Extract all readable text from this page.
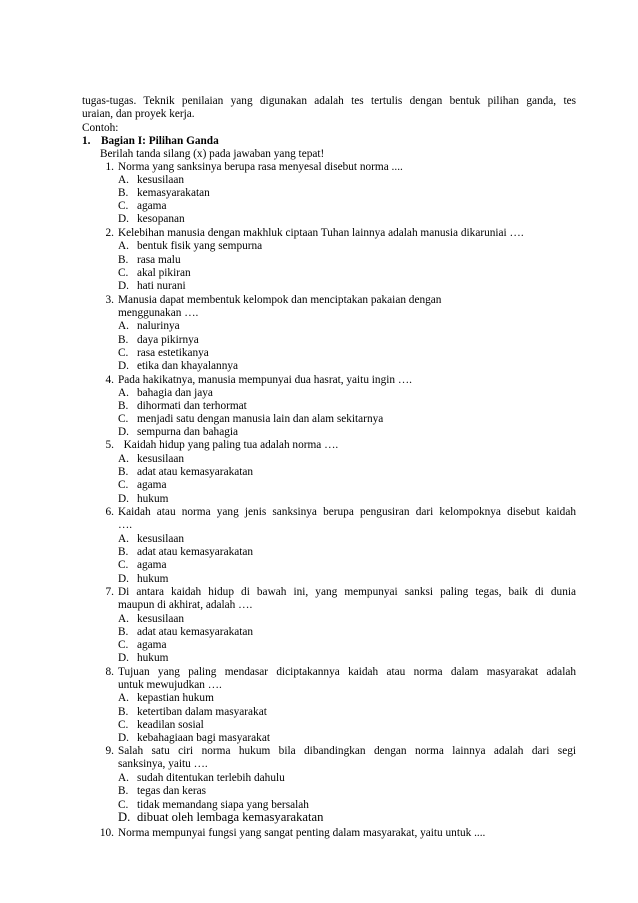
tugas-tugas. Teknik penilaian yang digunakan adalah tes tertulis dengan bentuk pilihan ganda, tes

uraian, dan proyek kerja.

Contoh:
1. Bagian I: Pilihan Ganda
Berilah tanda silang (x) pada jawaban yang tepat!
1. Norma yang sanksinya berupa rasa menyesal disebut norma ....
A. kesusilaan
B. kemasyarakatan
C. agama
D. kesopanan
2. Kelebihan manusia dengan makhluk ciptaan Tuhan lainnya adalah manusia dikaruniai ….
A. bentuk fisik yang sempurna
B. rasa malu
C. akal pikiran
D. hati nurani
3. Manusia dapat membentuk kelompok dan menciptakan pakaian dengan
menggunakan ….
A. nalurinya
B. daya pikirnya
C. rasa estetikanya
D. etika dan khayalannya
4. Pada hakikatnya, manusia mempunyai dua hasrat, yaitu ingin ….
A. bahagia dan jaya
B. dihormati dan terhormat
C. menjadi satu dengan manusia lain dan alam sekitarnya
D. sempurna dan bahagia
5. Kaidah hidup yang paling tua adalah norma ….
A. kesusilaan
B. adat atau kemasyarakatan
C. agama
D. hukum
6. Kaidah atau norma yang jenis sanksinya berupa pengusiran dari kelompoknya disebut kaidah
….
A. kesusilaan
B. adat atau kemasyarakatan
C. agama
D. hukum
7. Di antara kaidah hidup di bawah ini, yang mempunyai sanksi paling tegas, baik di dunia
maupun di akhirat, adalah ….
A. kesusilaan
B. adat atau kemasyarakatan
C. agama
D. hukum
8. Tujuan yang paling mendasar diciptakannya kaidah atau norma dalam masyarakat adalah
untuk mewujudkan ….
A. kepastian hukum
B. ketertiban dalam masyarakat
C. keadilan sosial
D. kebahagiaan bagi masyarakat
9. Salah satu ciri norma hukum bila dibandingkan dengan norma lainnya adalah dari segi
sanksinya, yaitu ….
A. sudah ditentukan terlebih dahulu
B. tegas dan keras
C. tidak memandang siapa yang bersalah
D. dibuat oleh lembaga kemasyarakatan
10. Norma mempunyai fungsi yang sangat penting dalam masyarakat, yaitu untuk ....
